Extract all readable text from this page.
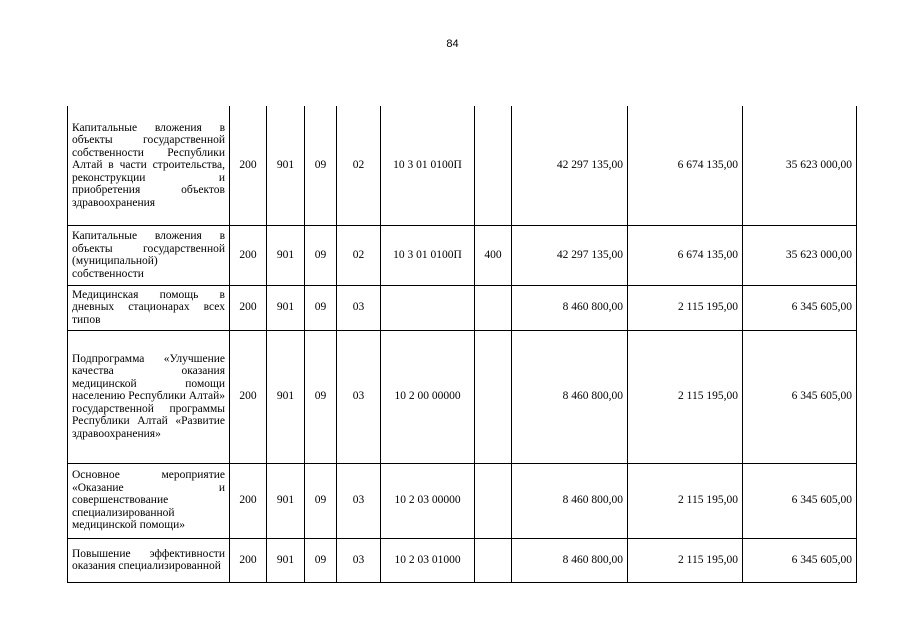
84
Капитальные вложения в объекты государственной собственности Республики Алтай в части строительства, реконструкции и приобретения объектов здравоохранения	200	901	09	02	10 3 01 0100П		42 297 135,00	6 674 135,00	35 623 000,00
Капитальные вложения в объекты государственной (муниципальной) собственности	200	901	09	02	10 3 01 0100П	400	42 297 135,00	6 674 135,00	35 623 000,00
Медицинская помощь в дневных стационарах всех типов	200	901	09	03			8 460 800,00	2 115 195,00	6 345 605,00
Подпрограмма «Улучшение качества оказания медицинской помощи населению Республики Алтай» государственной программы Республики Алтай «Развитие здравоохранения»	200	901	09	03	10 2 00 00000		8 460 800,00	2 115 195,00	6 345 605,00
Основное мероприятие «Оказание и совершенствование специализированной медицинской помощи»	200	901	09	03	10 2 03 00000		8 460 800,00	2 115 195,00	6 345 605,00
Повышение эффективности оказания специализированной	200	901	09	03	10 2 03 01000		8 460 800,00	2 115 195,00	6 345 605,00
